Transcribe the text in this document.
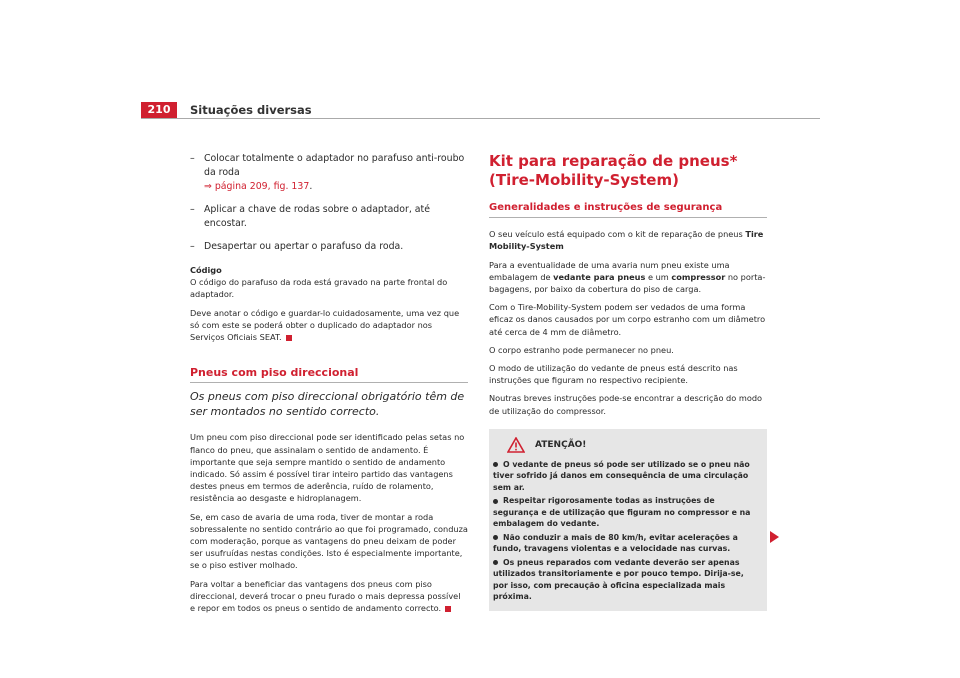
210	Situações diversas
– Colocar totalmente o adaptador no parafuso anti-roubo da roda
⇒ página 209, fig. 137.
– Aplicar a chave de rodas sobre o adaptador, até encostar.
– Desapertar ou apertar o parafuso da roda.
Código

O código do parafuso da roda está gravado na parte frontal do adaptador.

Deve anotar o código e guardar-lo cuidadosamente, uma vez que só com este se poderá obter o duplicado do adaptador nos Serviços Oficiais SEAT.

Pneus com piso direccional
Os pneus com piso direccional obrigatório têm de ser montados no sentido correcto.

Um pneu com piso direccional pode ser identificado pelas setas no flanco do pneu, que assinalam o sentido de andamento. É importante que seja sempre mantido o sentido de andamento indicado. Só assim é possível tirar inteiro partido das vantagens destes pneus em termos de aderência, ruído de rolamento, resistência ao desgaste e hidroplanagem.

Se, em caso de avaria de uma roda, tiver de montar a roda sobressalente no sentido contrário ao que foi programado, conduza com moderação, porque as vantagens do pneu deixam de poder ser usufruídas nestas condições. Isto é especialmente importante, se o piso estiver molhado.

Para voltar a beneficiar das vantagens dos pneus com piso direccional, deverá trocar o pneu furado o mais depressa possível e repor em todos os pneus o sentido de andamento correcto.

Kit para reparação de pneus* (Tire-Mobility-System)
Generalidades e instruções de segurança

O seu veículo está equipado com o kit de reparação de pneus Tire Mobility-System

Para a eventualidade de uma avaria num pneu existe uma embalagem de vedante para pneus e um compressor no porta-bagagens, por baixo da cobertura do piso de carga.

Com o Tire-Mobility-System podem ser vedados de uma forma eficaz os danos causados por um corpo estranho com um diâmetro até cerca de 4 mm de diâmetro.

O corpo estranho pode permanecer no pneu.

O modo de utilização do vedante de pneus está descrito nas instruções que figuram no respectivo recipiente.

Noutras breves instruções pode-se encontrar a descrição do modo de utilização do compressor.

ATENÇÃO!
O vedante de pneus só pode ser utilizado se o pneu não tiver sofrido já danos em consequência de uma circulação sem ar.
Respeitar rigorosamente todas as instruções de segurança e de utilização que figuram no compressor e na embalagem do vedante.
Não conduzir a mais de 80 km/h, evitar acelerações a fundo, travagens violentas e a velocidade nas curvas.
Os pneus reparados com vedante deverão ser apenas utilizados transitoriamente e por pouco tempo. Dirija-se, por isso, com precaução à oficina especializada mais próxima.
